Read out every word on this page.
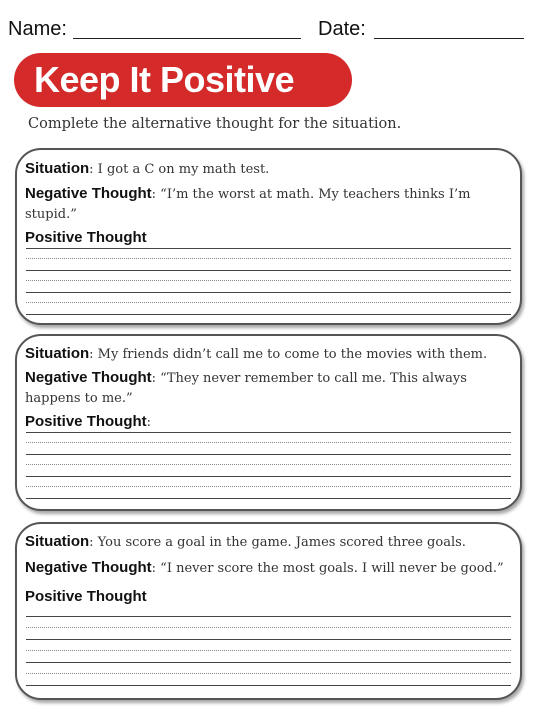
Name:	Date:
Keep It Positive
Complete the alternative thought for the situation.
Situation: I got a C on my math test.
Negative Thought: “I’m the worst at math. My teachers thinks I’m stupid.”
Positive Thought
Situation: My friends didn’t call me to come to the movies with them.
Negative Thought: “They never remember to call me. This always happens to me.”
Positive Thought:
Situation: You score a goal in the game. James scored three goals.
Negative Thought: “I never score the most goals. I will never be good.”
Positive Thought
